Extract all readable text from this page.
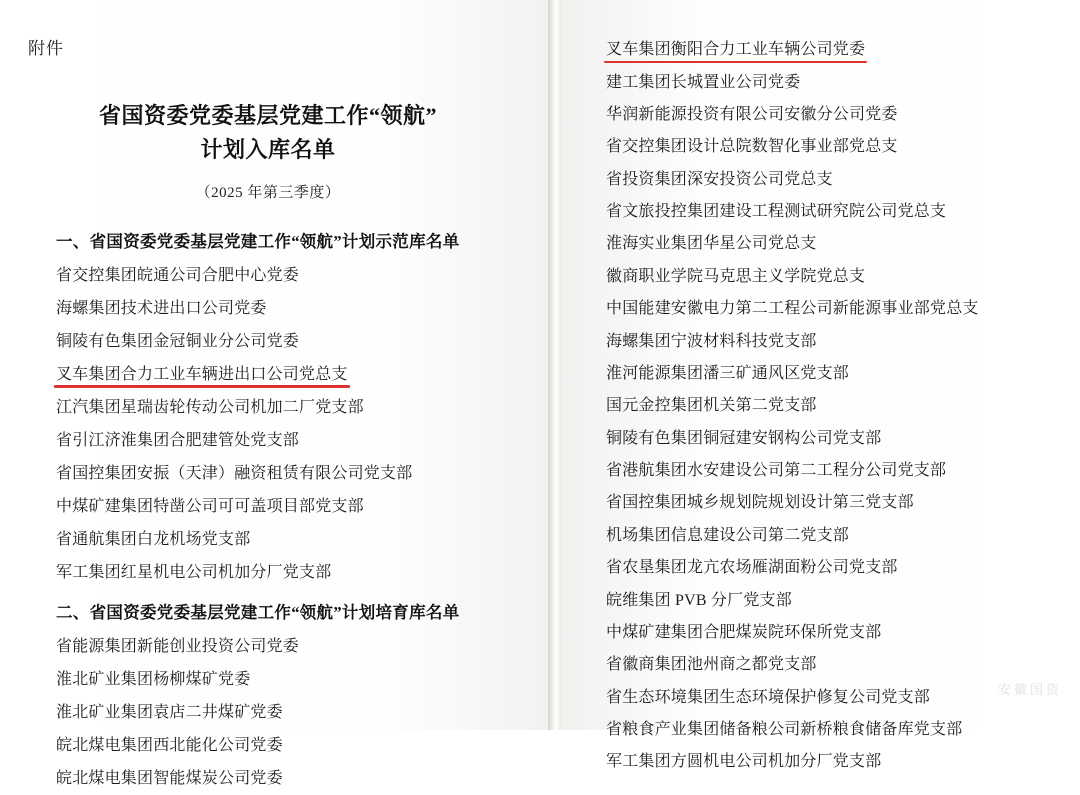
附件
省国资委党委基层党建工作“领航”
计划入库名单
（2025 年第三季度）
一、省国资委党委基层党建工作“领航”计划示范库名单
省交控集团皖通公司合肥中心党委
海螺集团技术进出口公司党委
铜陵有色集团金冠铜业分公司党委
叉车集团合力工业车辆进出口公司党总支
江汽集团星瑞齿轮传动公司机加二厂党支部
省引江济淮集团合肥建管处党支部
省国控集团安振（天津）融资租赁有限公司党支部
中煤矿建集团特凿公司可可盖项目部党支部
省通航集团白龙机场党支部
军工集团红星机电公司机加分厂党支部
二、省国资委党委基层党建工作“领航”计划培育库名单
省能源集团新能创业投资公司党委
淮北矿业集团杨柳煤矿党委
淮北矿业集团袁店二井煤矿党委
皖北煤电集团西北能化公司党委
皖北煤电集团智能煤炭公司党委
叉车集团衡阳合力工业车辆公司党委
建工集团长城置业公司党委
华润新能源投资有限公司安徽分公司党委
省交控集团设计总院数智化事业部党总支
省投资集团深安投资公司党总支
省文旅投控集团建设工程测试研究院公司党总支
淮海实业集团华星公司党总支
徽商职业学院马克思主义学院党总支
中国能建安徽电力第二工程公司新能源事业部党总支
海螺集团宁波材料科技党支部
淮河能源集团潘三矿通风区党支部
国元金控集团机关第二党支部
铜陵有色集团铜冠建安钢构公司党支部
省港航集团水安建设公司第二工程分公司党支部
省国控集团城乡规划院规划设计第三党支部
机场集团信息建设公司第二党支部
省农垦集团龙亢农场雁湖面粉公司党支部
皖维集团 PVB 分厂党支部
中煤矿建集团合肥煤炭院环保所党支部
省徽商集团池州商之都党支部
省生态环境集团生态环境保护修复公司党支部
省粮食产业集团储备粮公司新桥粮食储备库党支部
军工集团方圆机电公司机加分厂党支部
安徽国资
